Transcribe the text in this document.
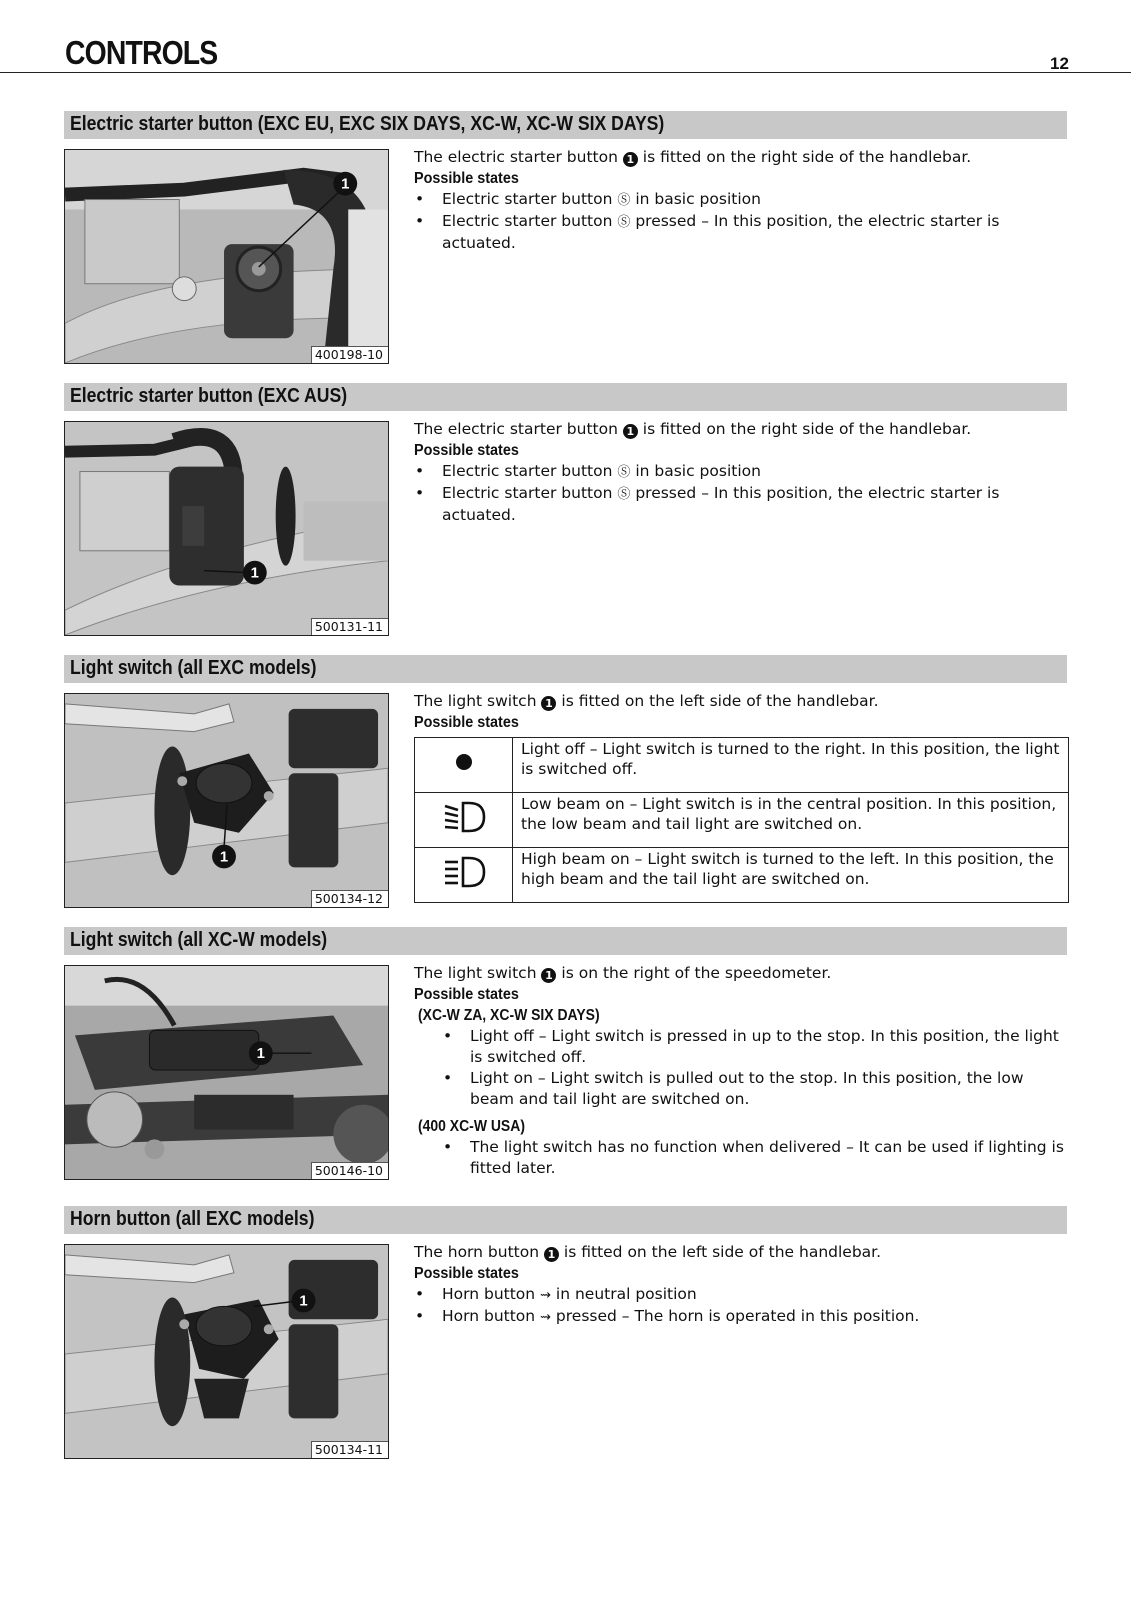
CONTROLS	12
Electric starter button (EXC EU, EXC SIX DAYS, XC-W, XC-W SIX DAYS)
1
400198-10

The electric starter button 1 is fitted on the right side of the handlebar.

Possible states

• Electric starter button Ⓢ in basic position
• Electric starter button Ⓢ pressed – In this position, the electric starter is actuated.
Electric starter button (EXC AUS)
1
500131-11

The electric starter button 1 is fitted on the right side of the handlebar.

Possible states

• Electric starter button Ⓢ in basic position
• Electric starter button Ⓢ pressed – In this position, the electric starter is actuated.
Light switch (all EXC models)
1
500134-12

The light switch 1 is fitted on the left side of the handlebar.

Possible states

	Light off – Light switch is turned to the right. In this position, the light is switched off.
	Low beam on – Light switch is in the central position. In this position, the low beam and tail light are switched on.
	High beam on – Light switch is turned to the left. In this position, the high beam and the tail light are switched on.
Light switch (all XC-W models)
1
500146-10

The light switch 1 is on the right of the speedometer.

Possible states

(XC-W ZA, XC-W SIX DAYS)

• Light off – Light switch is pressed in up to the stop. In this position, the light is switched off.
• Light on – Light switch is pulled out to the stop. In this position, the low beam and tail light are switched on.

(400 XC-W USA)

• The light switch has no function when delivered – It can be used if lighting is fitted later.
Horn button (all EXC models)
1
500134-11

The horn button 1 is fitted on the left side of the handlebar.

Possible states

• Horn button ⇝ in neutral position
• Horn button ⇝ pressed – The horn is operated in this position.
